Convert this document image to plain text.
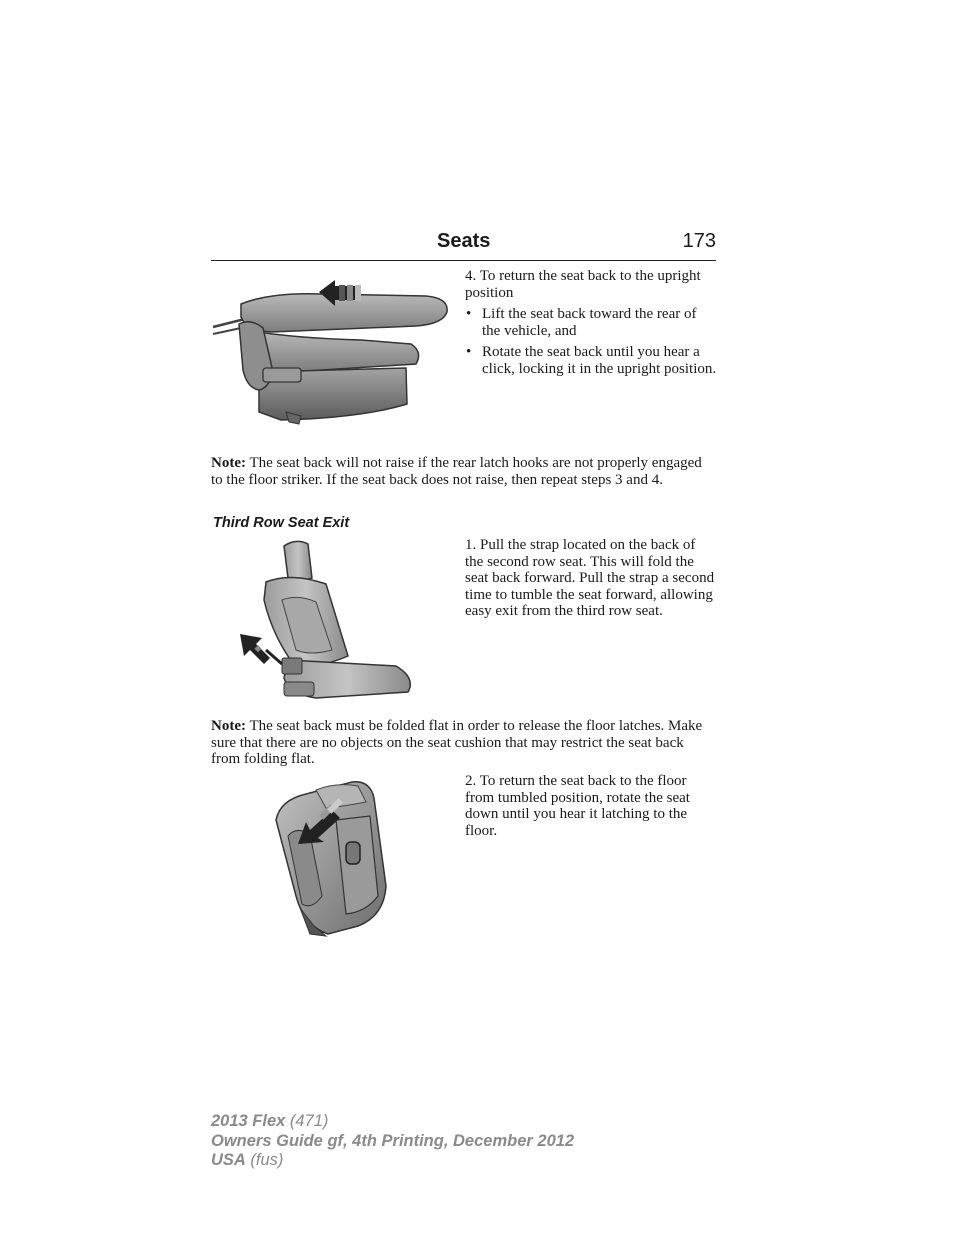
Seats	173

4. To return the seat back to the upright position

• Lift the seat back toward the rear of the vehicle, and
• Rotate the seat back until you hear a click, locking it in the upright position.
Note: The seat back will not raise if the rear latch hooks are not properly engaged to the floor striker. If the seat back does not raise, then repeat steps 3 and 4.
Third Row Seat Exit

1. Pull the strap located on the back of the second row seat. This will fold the seat back forward. Pull the strap a second time to tumble the seat forward, allowing easy exit from the third row seat.

Note: The seat back must be folded flat in order to release the floor latches. Make sure that there are no objects on the seat cushion that may restrict the seat back from folding flat.

2. To return the seat back to the floor from tumbled position, rotate the seat down until you hear it latching to the floor.

2013 Flex (471)
Owners Guide gf, 4th Printing, December 2012
USA (fus)
